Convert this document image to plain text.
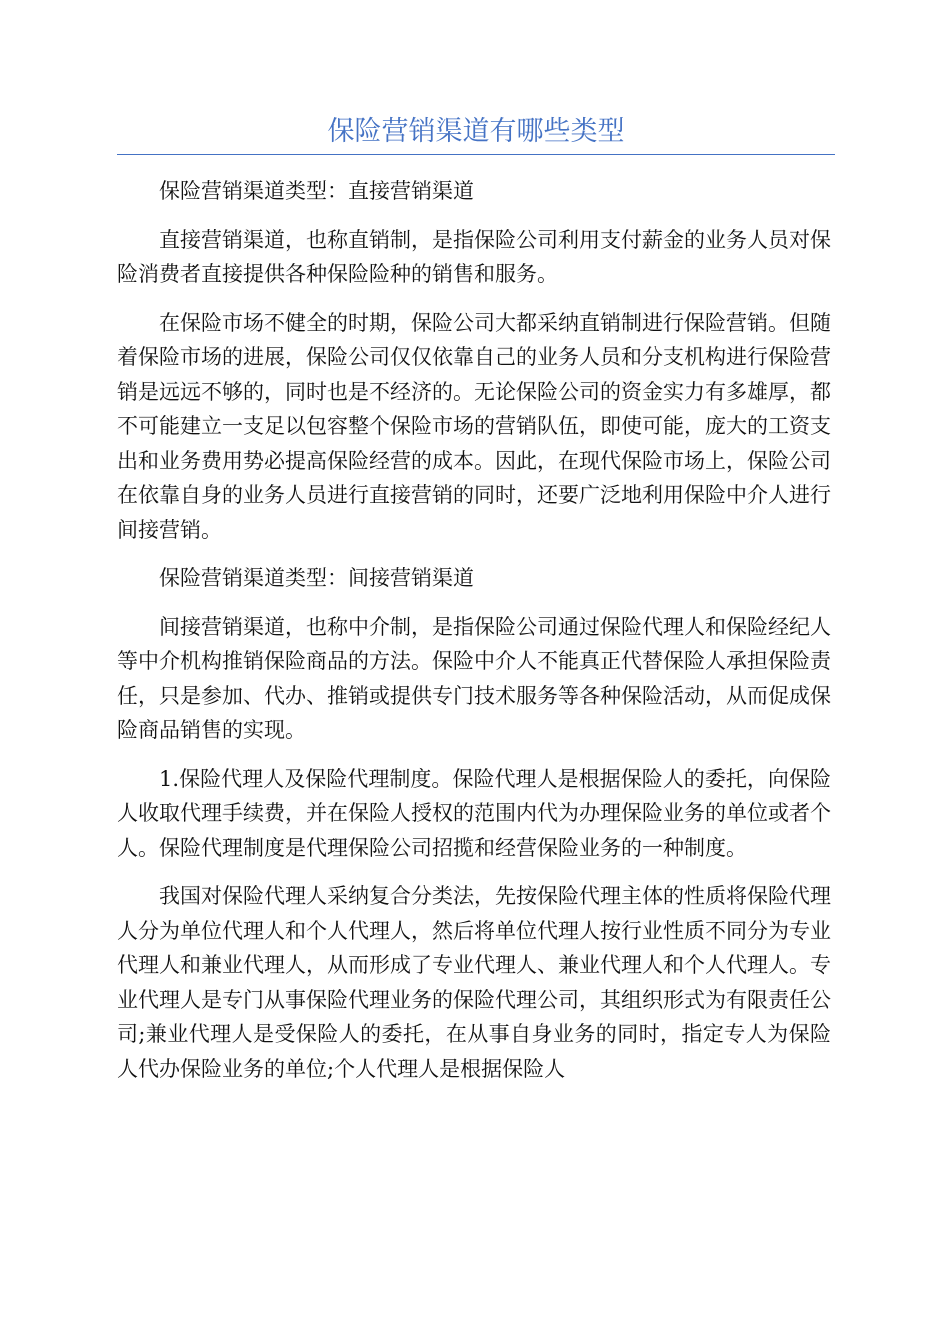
保险营销渠道有哪些类型

保险营销渠道类型：直接营销渠道

直接营销渠道，也称直销制，是指保险公司利用支付薪金的业务人员对保险消费者直接提供各种保险险种的销售和服务。

在保险市场不健全的时期，保险公司大都采纳直销制进行保险营销。但随着保险市场的进展，保险公司仅仅依靠自己的业务人员和分支机构进行保险营销是远远不够的，同时也是不经济的。无论保险公司的资金实力有多雄厚，都不可能建立一支足以包容整个保险市场的营销队伍，即使可能，庞大的工资支出和业务费用势必提高保险经营的成本。因此，在现代保险市场上，保险公司在依靠自身的业务人员进行直接营销的同时，还要广泛地利用保险中介人进行间接营销。

保险营销渠道类型：间接营销渠道

间接营销渠道，也称中介制，是指保险公司通过保险代理人和保险经纪人等中介机构推销保险商品的方法。保险中介人不能真正代替保险人承担保险责任，只是参加、代办、推销或提供专门技术服务等各种保险活动，从而促成保险商品销售的实现。

1.保险代理人及保险代理制度。保险代理人是根据保险人的委托，向保险人收取代理手续费，并在保险人授权的范围内代为办理保险业务的单位或者个人。保险代理制度是代理保险公司招揽和经营保险业务的一种制度。

我国对保险代理人采纳复合分类法，先按保险代理主体的性质将保险代理人分为单位代理人和个人代理人，然后将单位代理人按行业性质不同分为专业代理人和兼业代理人，从而形成了专业代理人、兼业代理人和个人代理人。专业代理人是专门从事保险代理业务的保险代理公司，其组织形式为有限责任公司;兼业代理人是受保险人的委托，在从事自身业务的同时，指定专人为保险人代办保险业务的单位;个人代理人是根据保险人
